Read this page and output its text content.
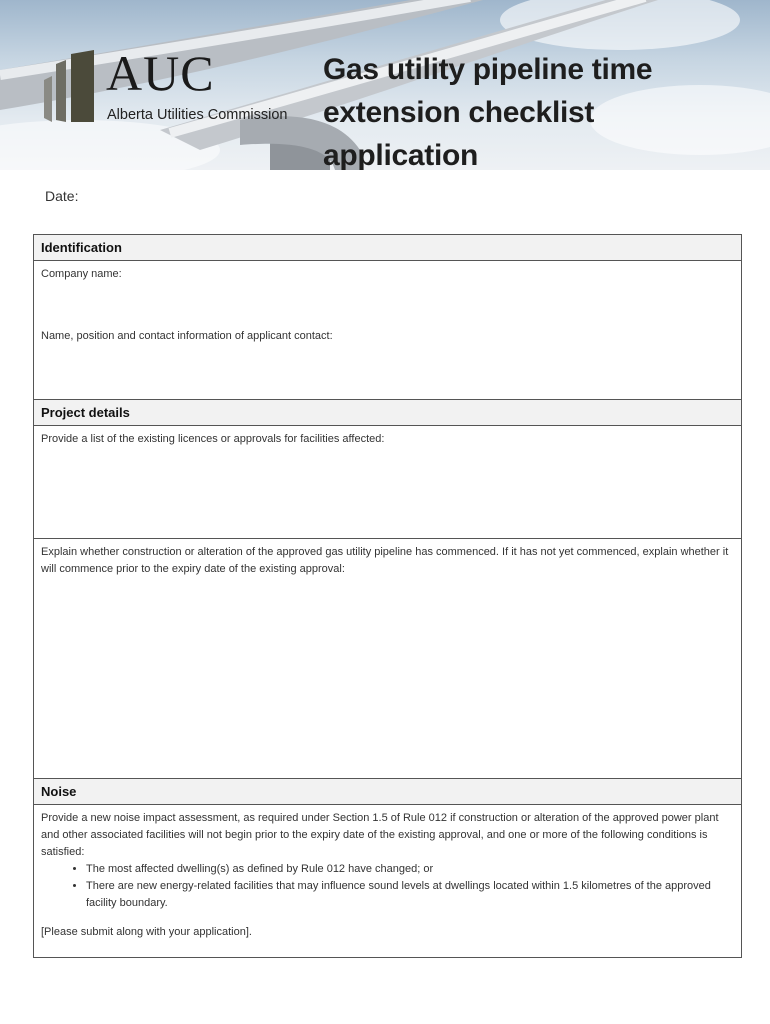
AUC
Alberta Utilities Commission
Gas utility pipeline time
extension checklist application
Date:
Identification
Company name:
Name, position and contact information of applicant contact:
Project details
Provide a list of the existing licences or approvals for facilities affected:
Explain whether construction or alteration of the approved gas utility pipeline has commenced. If it has not yet commenced, explain whether it will commence prior to the expiry date of the existing approval:
Noise
Provide a new noise impact assessment, as required under Section 1.5 of Rule 012 if construction or alteration of the approved power plant and other associated facilities will not begin prior to the expiry date of the existing approval, and one or more of the following conditions is satisfied:
• The most affected dwelling(s) as defined by Rule 012 have changed; or
• There are new energy-related facilities that may influence sound levels at dwellings located within 1.5 kilometres of the approved facility boundary.
[Please submit along with your application].
